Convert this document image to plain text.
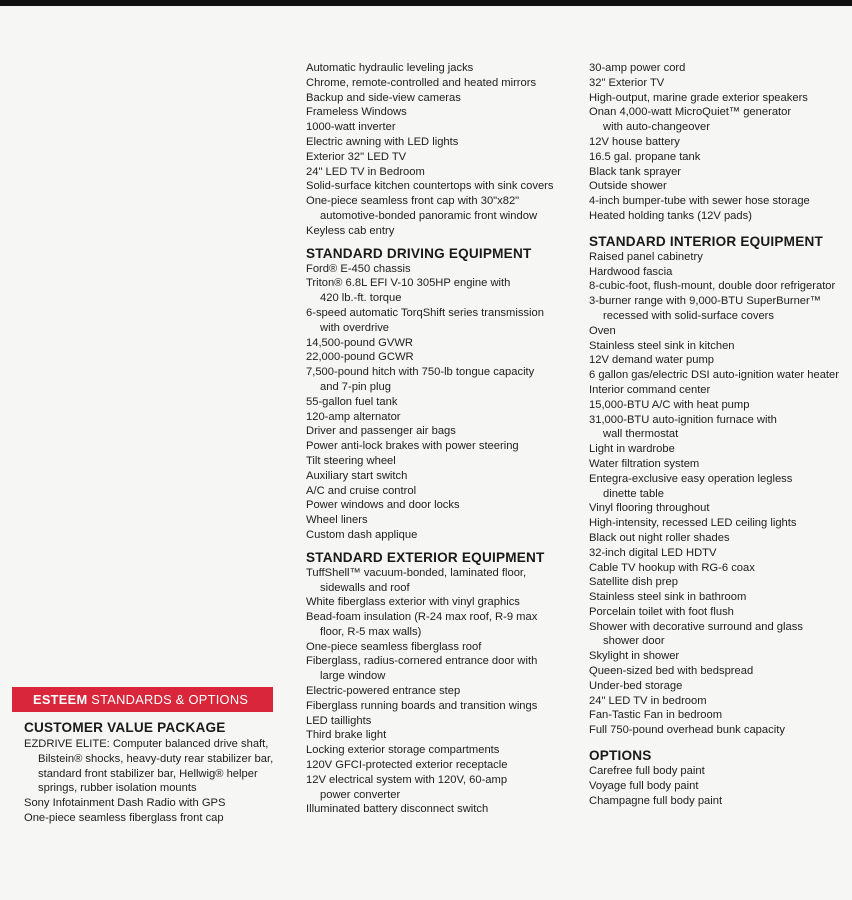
Automatic hydraulic leveling jacks
Chrome, remote-controlled and heated mirrors
Backup and side-view cameras
Frameless Windows
1000-watt inverter
Electric awning with LED lights
Exterior 32" LED TV
24" LED TV in Bedroom
Solid-surface kitchen countertops with sink covers
One-piece seamless front cap with 30"x82"
automotive-bonded panoramic front window
Keyless cab entry
STANDARD DRIVING EQUIPMENT
Ford® E-450 chassis
Triton® 6.8L EFI V-10 305HP engine with
420 lb.-ft. torque
6-speed automatic TorqShift series transmission
with overdrive
14,500-pound GVWR
22,000-pound GCWR
7,500-pound hitch with 750-lb tongue capacity
and 7-pin plug
55-gallon fuel tank
120-amp alternator
Driver and passenger air bags
Power anti-lock brakes with power steering
Tilt steering wheel
Auxiliary start switch
A/C and cruise control
Power windows and door locks
Wheel liners
Custom dash applique
STANDARD EXTERIOR EQUIPMENT
TuffShell™ vacuum-bonded, laminated floor,
sidewalls and roof
White fiberglass exterior with vinyl graphics
Bead-foam insulation (R-24 max roof, R-9 max
floor, R-5 max walls)
One-piece seamless fiberglass roof
Fiberglass, radius-cornered entrance door with
large window
Electric-powered entrance step
Fiberglass running boards and transition wings
LED taillights
Third brake light
Locking exterior storage compartments
120V GFCI-protected exterior receptacle
12V electrical system with 120V, 60-amp
power converter
Illuminated battery disconnect switch
30-amp power cord
32" Exterior TV
High-output, marine grade exterior speakers
Onan 4,000-watt MicroQuiet™ generator
with auto-changeover
12V house battery
16.5 gal. propane tank
Black tank sprayer
Outside shower
4-inch bumper-tube with sewer hose storage
Heated holding tanks (12V pads)
STANDARD INTERIOR EQUIPMENT
Raised panel cabinetry
Hardwood fascia
8-cubic-foot, flush-mount, double door refrigerator
3-burner range with 9,000-BTU SuperBurner™
recessed with solid-surface covers
Oven
Stainless steel sink in kitchen
12V demand water pump
6 gallon gas/electric DSI auto-ignition water heater
Interior command center
15,000-BTU A/C with heat pump
31,000-BTU auto-ignition furnace with
wall thermostat
Light in wardrobe
Water filtration system
Entegra-exclusive easy operation legless
dinette table
Vinyl flooring throughout
High-intensity, recessed LED ceiling lights
Black out night roller shades
32-inch digital LED HDTV
Cable TV hookup with RG-6 coax
Satellite dish prep
Stainless steel sink in bathroom
Porcelain toilet with foot flush
Shower with decorative surround and glass
shower door
Skylight in shower
Queen-sized bed with bedspread
Under-bed storage
24" LED TV in bedroom
Fan-Tastic Fan in bedroom
Full 750-pound overhead bunk capacity
OPTIONS
Carefree full body paint
Voyage full body paint
Champagne full body paint
ESTEEM STANDARDS & OPTIONS
CUSTOMER VALUE PACKAGE
EZDRIVE ELITE: Computer balanced drive shaft,
Bilstein® shocks, heavy-duty rear stabilizer bar,
standard front stabilizer bar, Hellwig® helper
springs, rubber isolation mounts
Sony Infotainment Dash Radio with GPS
One-piece seamless fiberglass front cap
